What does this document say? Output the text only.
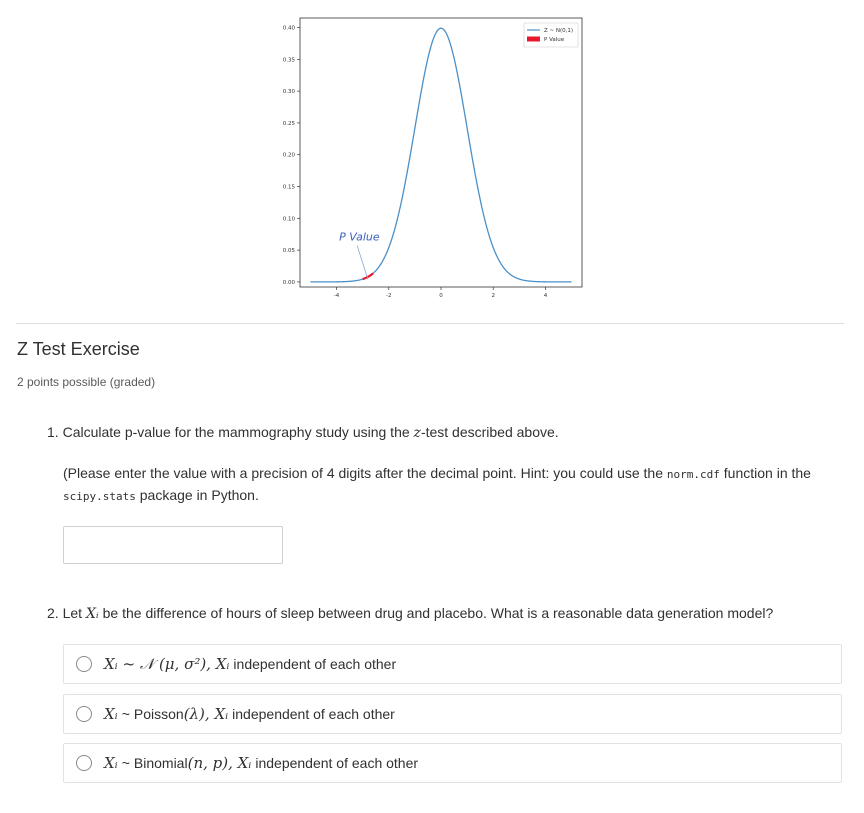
0.00
0.05
0.10
0.15
0.20
0.25
0.30
0.35
0.40
-4	-2	0	2	4
P Value
Z ~ N(0,1)
P Value
Z Test Exercise
2 points possible (graded)
1. Calculate p-value for the mammography study using the z-test described above.
(Please enter the value with a precision of 4 digits after the decimal point. Hint: you could use the norm.cdf function in the scipy.stats package in Python.
2. Let Xᵢ be the difference of hours of sleep between drug and placebo. What is a reasonable data generation model?
Xᵢ ~ 𝒩 (μ, σ²), Xᵢ independent of each other
Xᵢ ~ Poisson (λ), Xᵢ independent of each other
Xᵢ ~ Binomial (n, p), Xᵢ independent of each other
